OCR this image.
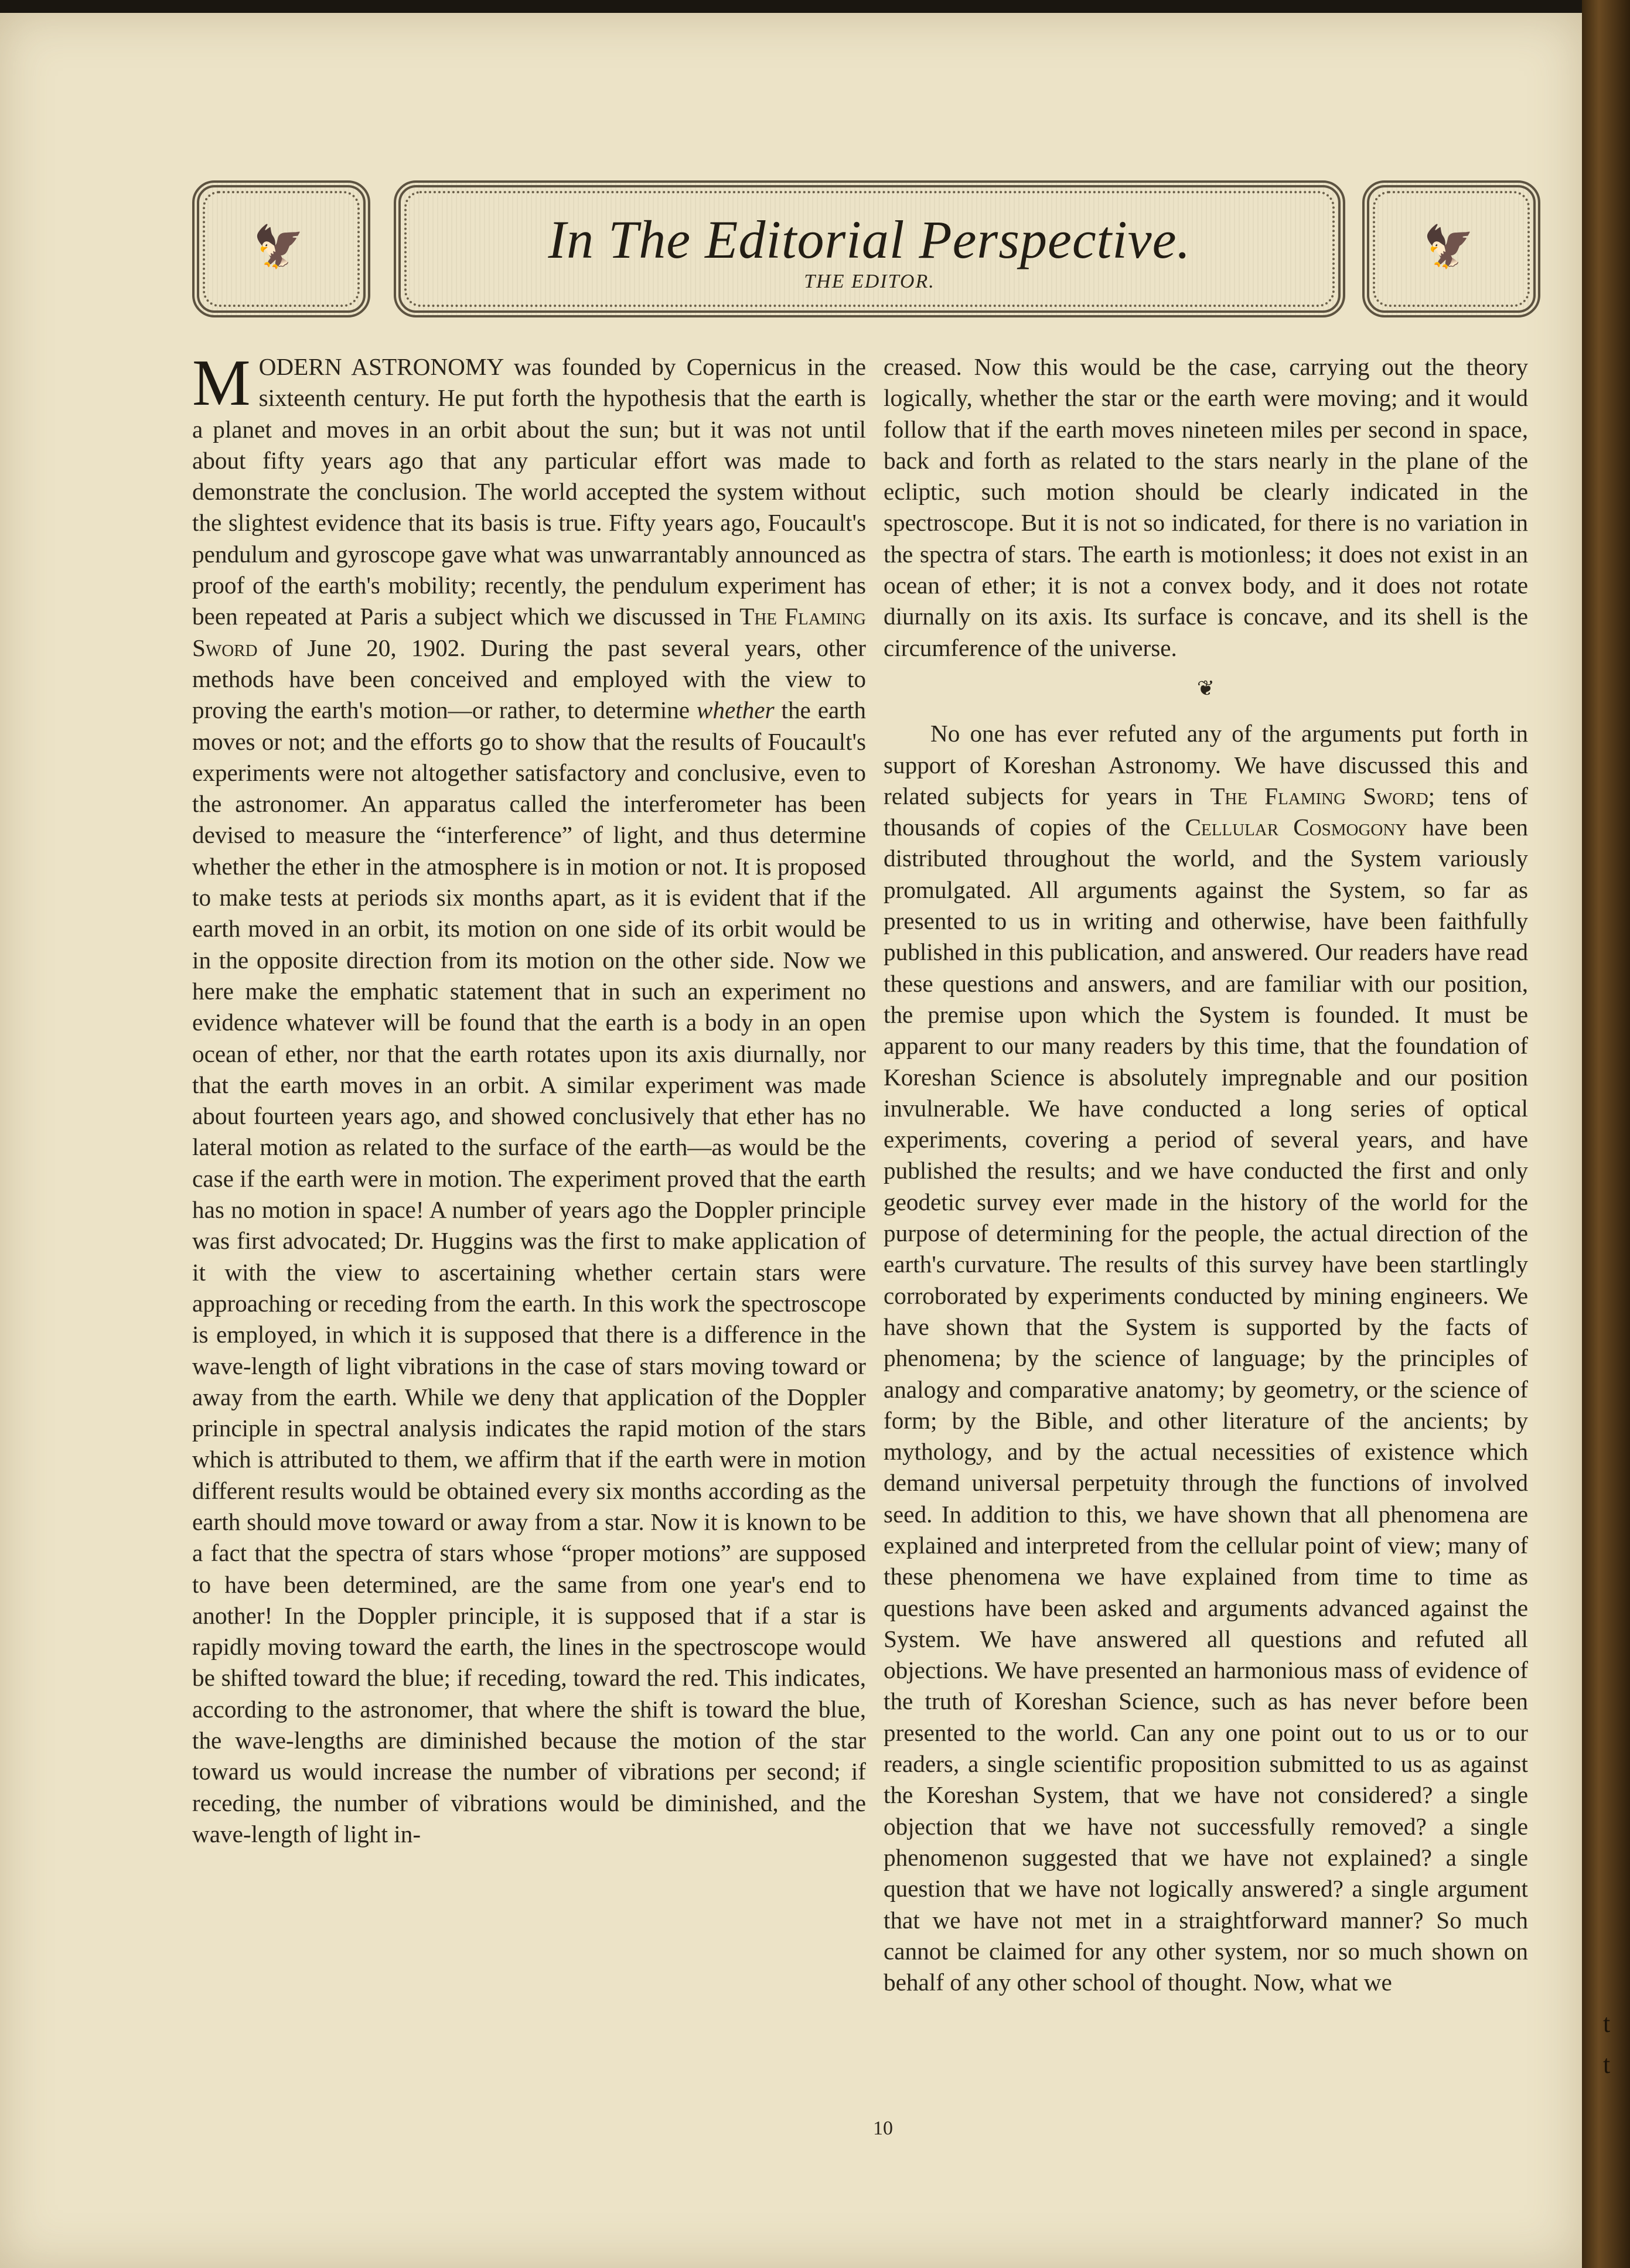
🦅	In The Editorial Perspective.
THE EDITOR.
🦅

MODERN ASTRONOMY was founded by Copernicus in the sixteenth century. He put forth the hypothesis that the earth is a planet and moves in an orbit about the sun; but it was not until about fifty years ago that any particular effort was made to demonstrate the conclusion. The world accepted the system without the slightest evidence that its basis is true. Fifty years ago, Foucault's pendulum and gyroscope gave what was unwarrantably announced as proof of the earth's mobility; recently, the pendulum experiment has been repeated at Paris a subject which we discussed in The Flaming Sword of June 20, 1902. During the past several years, other methods have been conceived and employed with the view to proving the earth's motion—or rather, to determine whether the earth moves or not; and the efforts go to show that the results of Foucault's experiments were not altogether satisfactory and conclusive, even to the astronomer. An apparatus called the interferometer has been devised to measure the “interference” of light, and thus determine whether the ether in the atmosphere is in motion or not. It is proposed to make tests at periods six months apart, as it is evident that if the earth moved in an orbit, its motion on one side of its orbit would be in the opposite direction from its motion on the other side. Now we here make the emphatic statement that in such an experiment no evidence whatever will be found that the earth is a body in an open ocean of ether, nor that the earth rotates upon its axis diurnally, nor that the earth moves in an orbit. A similar experiment was made about fourteen years ago, and showed conclusively that ether has no lateral motion as related to the surface of the earth—as would be the case if the earth were in motion. The experiment proved that the earth has no motion in space! A number of years ago the Doppler principle was first advocated; Dr. Huggins was the first to make application of it with the view to ascertaining whether certain stars were approaching or receding from the earth. In this work the spectroscope is employed, in which it is supposed that there is a difference in the wave-length of light vibrations in the case of stars moving toward or away from the earth. While we deny that application of the Doppler principle in spectral analysis indicates the rapid motion of the stars which is attributed to them, we affirm that if the earth were in motion different results would be obtained every six months according as the earth should move toward or away from a star. Now it is known to be a fact that the spectra of stars whose “proper motions” are supposed to have been determined, are the same from one year's end to another! In the Doppler principle, it is supposed that if a star is rapidly moving toward the earth, the lines in the spectroscope would be shifted toward the blue; if receding, toward the red. This indicates, according to the astronomer, that where the shift is toward the blue, the wave-lengths are diminished because the motion of the star toward us would increase the number of vibrations per second; if receding, the number of vibrations would be diminished, and the wave-length of light in-

creased. Now this would be the case, carrying out the theory logically, whether the star or the earth were moving; and it would follow that if the earth moves nineteen miles per second in space, back and forth as related to the stars nearly in the plane of the ecliptic, such motion should be clearly indicated in the spectroscope. But it is not so indicated, for there is no variation in the spectra of stars. The earth is motionless; it does not exist in an ocean of ether; it is not a convex body, and it does not rotate diurnally on its axis. Its surface is concave, and its shell is the circumference of the universe.

❦

No one has ever refuted any of the arguments put forth in support of Koreshan Astronomy. We have discussed this and related subjects for years in The Flaming Sword; tens of thousands of copies of the Cellular Cosmogony have been distributed throughout the world, and the System variously promulgated. All arguments against the System, so far as presented to us in writing and otherwise, have been faithfully published in this publication, and answered. Our readers have read these questions and answers, and are familiar with our position, the premise upon which the System is founded. It must be apparent to our many readers by this time, that the foundation of Koreshan Science is absolutely impregnable and our position invulnerable. We have conducted a long series of optical experiments, covering a period of several years, and have published the results; and we have conducted the first and only geodetic survey ever made in the history of the world for the purpose of determining for the people, the actual direction of the earth's curvature. The results of this survey have been startlingly corroborated by experiments conducted by mining engineers. We have shown that the System is supported by the facts of phenomena; by the science of language; by the principles of analogy and comparative anatomy; by geometry, or the science of form; by the Bible, and other literature of the ancients; by mythology, and by the actual necessities of existence which demand universal perpetuity through the functions of involved seed. In addition to this, we have shown that all phenomena are explained and interpreted from the cellular point of view; many of these phenomena we have explained from time to time as questions have been asked and arguments advanced against the System. We have answered all questions and refuted all objections. We have presented an harmonious mass of evidence of the truth of Koreshan Science, such as has never before been presented to the world. Can any one point out to us or to our readers, a single scientific proposition submitted to us as against the Koreshan System, that we have not considered? a single objection that we have not successfully removed? a single phenomenon suggested that we have not explained? a single question that we have not logically answered? a single argument that we have not met in a straightforward manner? So much cannot be claimed for any other system, nor so much shown on behalf of any other school of thought. Now, what we

10
t
t
